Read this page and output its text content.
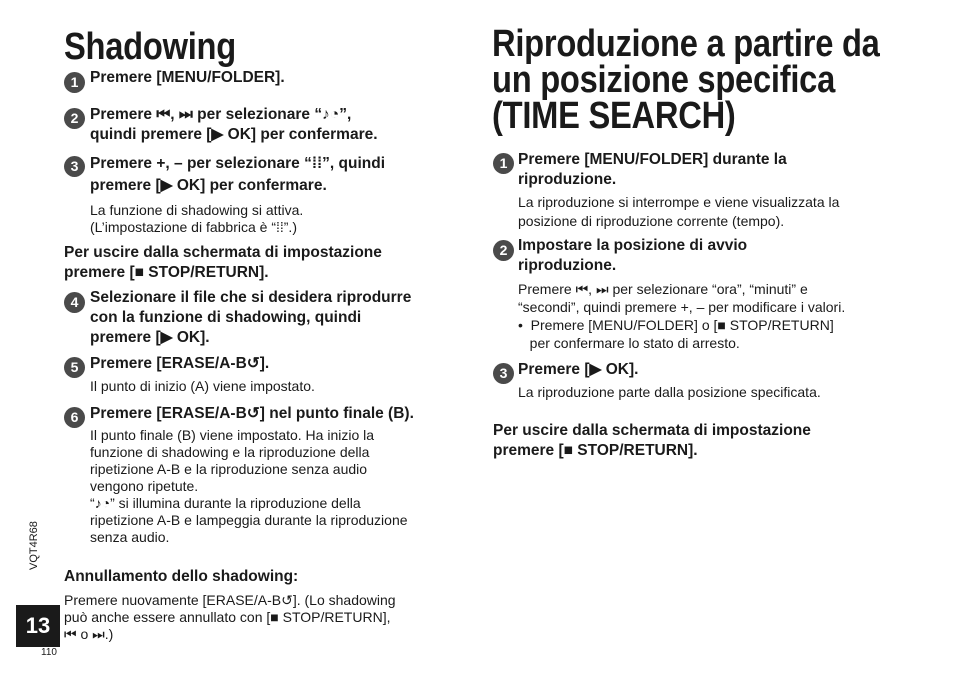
Shadowing
1 Premere [MENU/FOLDER].
2 Premere ⏮, ⏭ per selezionare “♪◔”,
quindi premere [▶ OK] per confermare.
3 Premere +, – per selezionare “⁞⁞”, quindi
premere [▶ OK] per confermare.
La funzione di shadowing si attiva.
(L’impostazione di fabbrica è “⁞⁞”.)
Per uscire dalla schermata di impostazione
premere [■ STOP/RETURN].
4 Selezionare il file che si desidera riprodurre
con la funzione di shadowing, quindi
premere [▶ OK].
5 Premere [ERASE/A-B↺].
Il punto di inizio (A) viene impostato.
6 Premere [ERASE/A-B↺] nel punto finale (B).
Il punto finale (B) viene impostato. Ha inizio la
funzione di shadowing e la riproduzione della
ripetizione A-B e la riproduzione senza audio
vengono ripetute.
“♪◔” si illumina durante la riproduzione della
ripetizione A-B e lampeggia durante la riproduzione
senza audio.
Annullamento dello shadowing:
Premere nuovamente [ERASE/A-B↺]. (Lo shadowing
può anche essere annullato con [■ STOP/RETURN],
⏮ o ⏭.)
Riproduzione a partire da
un posizione specifica
(TIME SEARCH)
1 Premere [MENU/FOLDER] durante la
riproduzione.
La riproduzione si interrompe e viene visualizzata la
posizione di riproduzione corrente (tempo).
2 Impostare la posizione di avvio
riproduzione.
Premere ⏮, ⏭ per selezionare “ora”, “minuti” e
“secondi”, quindi premere +, – per modificare i valori.
•  Premere [MENU/FOLDER] o [■ STOP/RETURN]
per confermare lo stato di arresto.
3 Premere [▶ OK].
La riproduzione parte dalla posizione specificata.
Per uscire dalla schermata di impostazione
premere [■ STOP/RETURN].
VQT4R68
13
110
